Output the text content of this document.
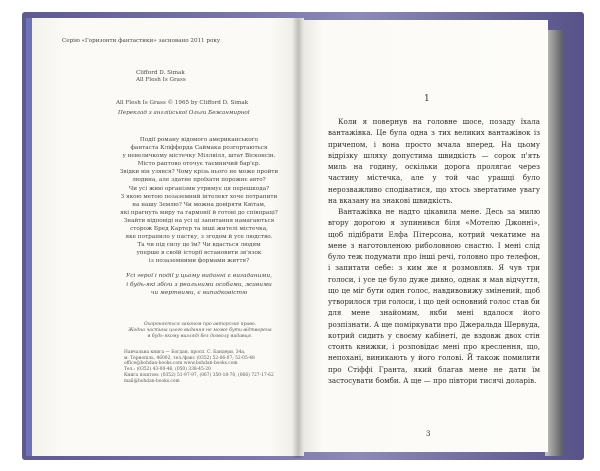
Серію «Горизонти фантастики» засновано 2011 року
Clifford D. Simak
All Flesh Is Grass
All Flesh Is Grass © 1965 by Clifford D. Simak
Переклад з англійської Ольги Бежанмирної
Події роману відомого американського
фантаста Кліффорда Саймака розгортаються
у невеличкому містечку Міллвілл, штат Вісконсін.
Місто раптово оточує таємничий бар'єр.
Звідки він узявся? Чому крізь нього не може пройти
людина, але здатне проїхати порожнє авто?
Чи усі живі організми утримує ця перешкода?
З якою метою позаземний інтелект хоче потрапити
на нашу Землю? Чи можна довіряти Квітам,
які прагнуть миру та гармонії й готові до співпраці?
Знайти відповіді на усі ці запитання намагаються
сторож Бред Картер та інші жителі містечка,
яке потрапило у пастку, з згодом й усе людство.
Та чи під силу це їм? Чи вдасться людям
уперше в своїй історії встановити зв'язок
із позаземними формами життя?
Усі герої і події у цьому виданні є вигаданими,
і будь-які збіги з реальними особами, живими
чи мертвими, є випадковістю
Охороняється законом про авторське право.
Жодна частина цього видання не може бути відтворена
в будь-якому вигляді без дозволу видавця.
Навчальна книга — Богдан, просп. С. Бандери, 34а,
м. Тернопіль, 46002, тел./факс (0352) 52-06-07; 52-05-48
office@bohdan-books.com www.bohdan-books.com
Тел.: (0352) 43-00-46, (050) 338-45-20
Книга поштою: (0352) 51-97-97, (067) 350-18-70, (066) 727-17-62
mail@bohdan-books.com
1

Коли я повернув на головне шосе, позаду їхала вантажівка. Це була одна з тих великих вантажівок із причепом, і вона просто мчала вперед. На цьому відрізку шляху допустима швидкість — сорок п'ять миль на годину, оскільки дорога пролягає через частину містечка, але у той час урашці було нерозважливо сподіватися, що хтось звертатиме увагу на вказану на знакові швидкість.

Вантажівка не надто цікавила мене. Десь за милю вгору дорогою я зупинився біля «Мотелю Джонні», щоб підібрати Елфа Пітерсона, котрий чекатиме на мене з наготовленою риболовною снастю. І мені слід було теж подумати про інші речі, головно про телефон, і запитати себе: з ким же я розмовляв. Я чув три голоси, і усе це було дуже дивно, однак я мав відчуття, що це міг бути один голос, навдивовижу змінений, щоб утворилося три голоси, і що цей основний голос став би для мене знайомим, якби мені вдалося його розпізнати. А ще поміркувати про Джеральда Шервуда, котрий сидить у своєму кабінеті, де вздовж двох стін стоять книжки, і розповідає мені про креслення, що, непохані, виникають у його голові. Й також помилити про Стіффі Гранта, який благав мене не дати їм застосувати бомби. А ще — про півтори тисячі доларів.

3
